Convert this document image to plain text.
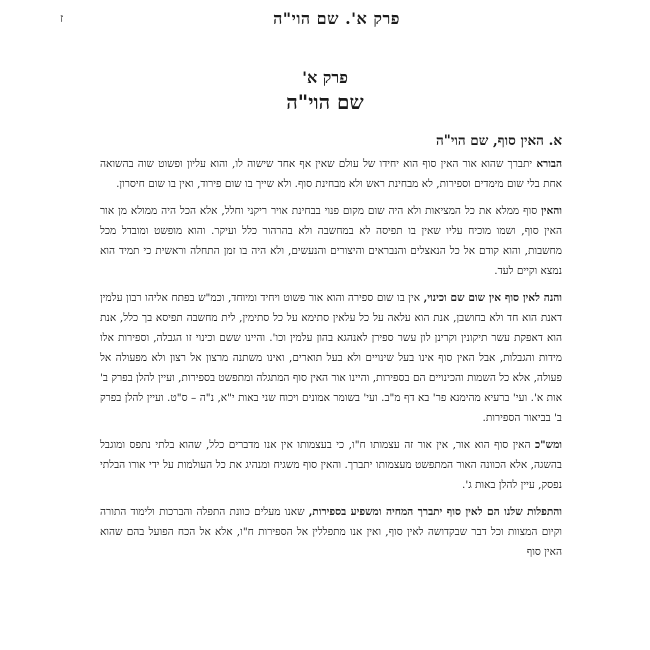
פרק א'. שם הוי"ה
ז
פרק א'
שם הוי"ה
א. האין סוף, שם הוי"ה

הבורא יתברך שהוא אור האין סוף הוא יחידו של עולם שאין אף אחד שישוה לו, והוא עליון ופשוט שוה בהשואה אחת בלי שום מימדים וספירות, לא מבחינת ראש ולא מבחינת סוף. ולא שייך בו שום פירוד, ואין בו שום חיסרון.

והאין סוף ממלא את כל המציאות ולא היה שום מקום פנוי בבחינת אויר ריקני וחלל, אלא הכל היה ממולא מן אור האין סוף, ושמו מוכיח עליו שאין בו תפיסה לא במחשבה ולא בהרהור כלל ועיקר. והוא מופשט ומובדל מכל מחשבות, והוא קודם אל כל הנאצלים והנבראים והיצורים והנעשים, ולא היה בו זמן התחלה וראשית כי תמיד הוא נמצא וקיים לעד.

והנה לאין סוף אין שום שם וכינוי, אין בו שום ספירה והוא אור פשוט ויחיד ומיוחד, וכמ"ש בפתח אליהו רבון עלמין דאנת הוא חד ולא בחושבן, אנת הוא עלאה על כל עלאין סתימא על כל סתימין, לית מחשבה תפיסא בך כלל, אנת הוא דאפקת עשר תיקונין וקרינן לון עשר ספירן לאנהגא בהון עלמין וכו'. והיינו ששם וכינוי זו הגבלה, וספירות אלו מידות והגבלות, אבל האין סוף אינו בעל שינויים ולא בעל תוארים, ואינו משתנה מרצון אל רצון ולא מפעולה אל פעולה, אלא כל השמות והכינויים הם בספירות, והיינו אור האין סוף המתגלה ומתפשט בספירות, ועיין להלן בפרק ב' אות א'. ועי' ברעיא מהימנא פר' בא דף מ"ב. ועי' בשומר אמונים ויכוח שני באות י"א, נ"ה – ס"ט. ועיין להלן בפרק ב' בביאור הספירות.

ומש"כ האין סוף הוא אור, אין אור זה עצמותו ח"ו, כי בעצמותו אין אנו מדברים כלל, שהוא בלתי נתפס ומוגבל בהשגה, אלא הכוונה האור המתפשט מעצמותו יתברך. והאין סוף משגיח ומנהיג את כל העולמות על ידי אורו הבלתי נפסק, עיין להלן באות ג'.

והתפלות שלנו הם לאין סוף יתברך המחיה ומשפיע בספירות, שאנו מעלים כוונת התפלה והברכות ולימוד התורה וקיום המצוות וכל דבר שבקדושה לאין סוף, ואין אנו מתפללין אל הספירות ח"ו, אלא אל הכח הפועל בהם שהוא האין סוף
